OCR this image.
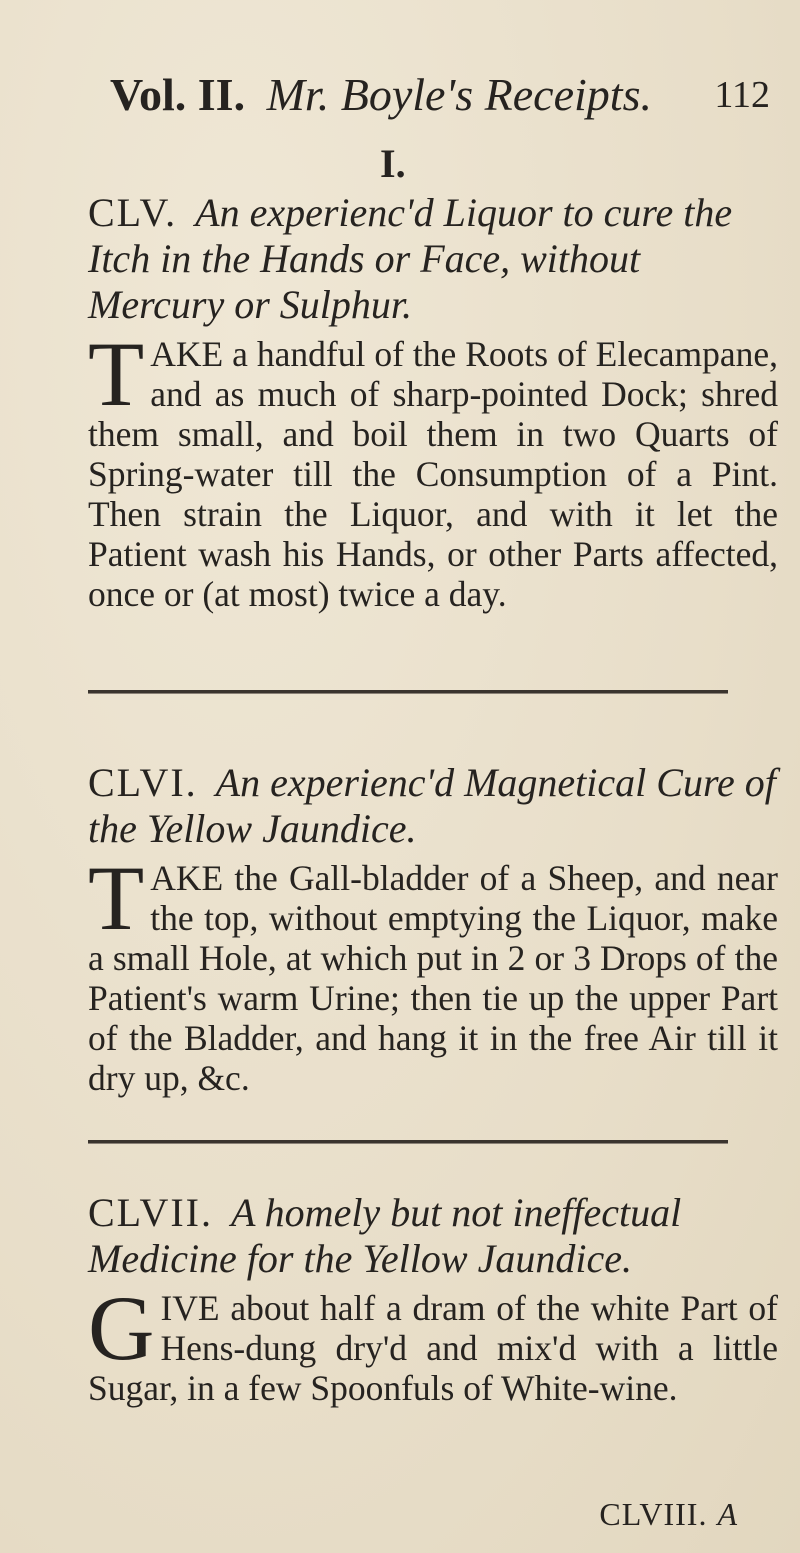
Vol. II. Mr. Boyle's Receipts. 112
I.

CLV. An experienc'd Liquor to cure the Itch in the Hands or Face, without Mercury or Sulphur.

TAKE a handful of the Roots of Elecampane, and as much of sharp-pointed Dock; shred them small, and boil them in two Quarts of Spring-water till the Consumption of a Pint. Then strain the Liquor, and with it let the Patient wash his Hands, or other Parts affected, once or (at most) twice a day.

CLVI. An experienc'd Magnetical Cure of the Yellow Jaundice.

TAKE the Gall-bladder of a Sheep, and near the top, without emptying the Liquor, make a small Hole, at which put in 2 or 3 Drops of the Patient's warm Urine; then tie up the upper Part of the Bladder, and hang it in the free Air till it dry up, &c.

CLVII. A homely but not ineffectual Medicine for the Yellow Jaundice.

GIVE about half a dram of the white Part of Hens-dung dry'd and mix'd with a little Sugar, in a few Spoonfuls of White-wine.
CLVIII. A
